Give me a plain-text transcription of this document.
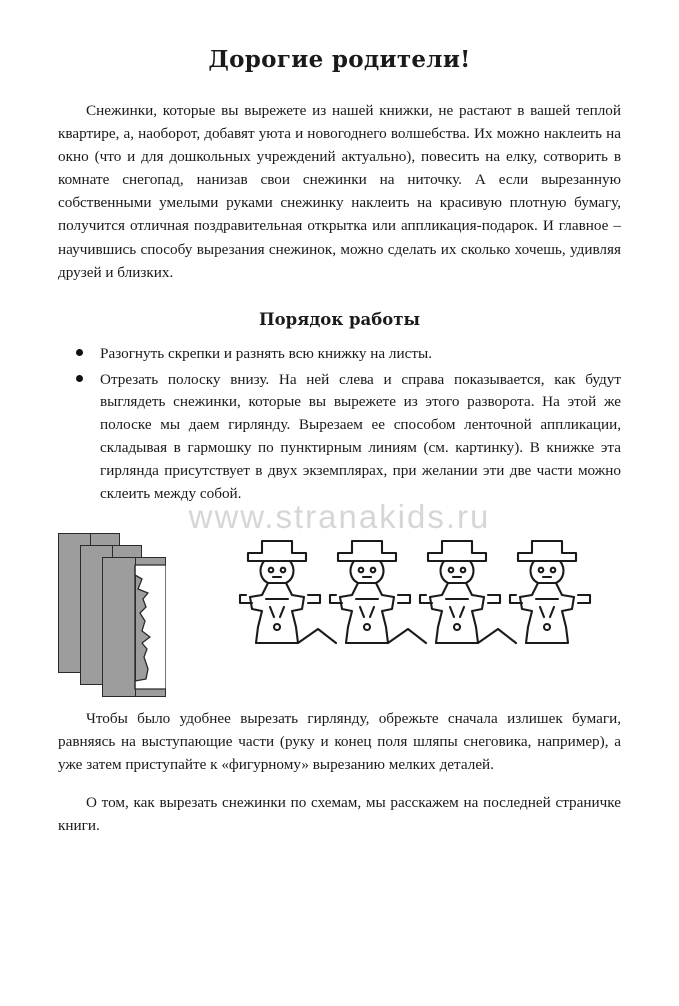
Дорогие родители!

Снежинки, которые вы вырежете из нашей книжки, не растают в вашей теплой квартире, а, наоборот, добавят уюта и новогоднего волшебства. Их можно наклеить на окно (что и для дошкольных учреждений актуально), повесить на елку, сотворить в комнате снегопад, нанизав свои снежинки на ниточку. А если вырезанную собственными умелыми руками снежинку наклеить на красивую плотную бумагу, получится отличная поздравительная открытка или аппликация-подарок. И главное – научившись способу вырезания снежинок, можно сделать их сколько хочешь, удивляя друзей и близких.

Порядок работы
Разогнуть скрепки и разнять всю книжку на листы.
Отрезать полоску внизу. На ней слева и справа показывается, как будут выглядеть снежинки, которые вы вырежете из этого разворота. На этой же полоске мы даем гирлянду. Вырезаем ее способом ленточной аппликации, складывая в гармошку по пунктирным линиям (см. картинку). В книжке эта гирлянда присутствует в двух экземплярах, при желании эти две части можно склеить между собой.

Чтобы было удобнее вырезать гирлянду, обрежьте сначала излишек бумаги, равняясь на выступающие части (руку и конец поля шляпы снеговика, например), а уже затем приступайте к «фигурному» вырезанию мелких деталей.

О том, как вырезать снежинки по схемам, мы расскажем на последней страничке книги.

www.stranakids.ru
